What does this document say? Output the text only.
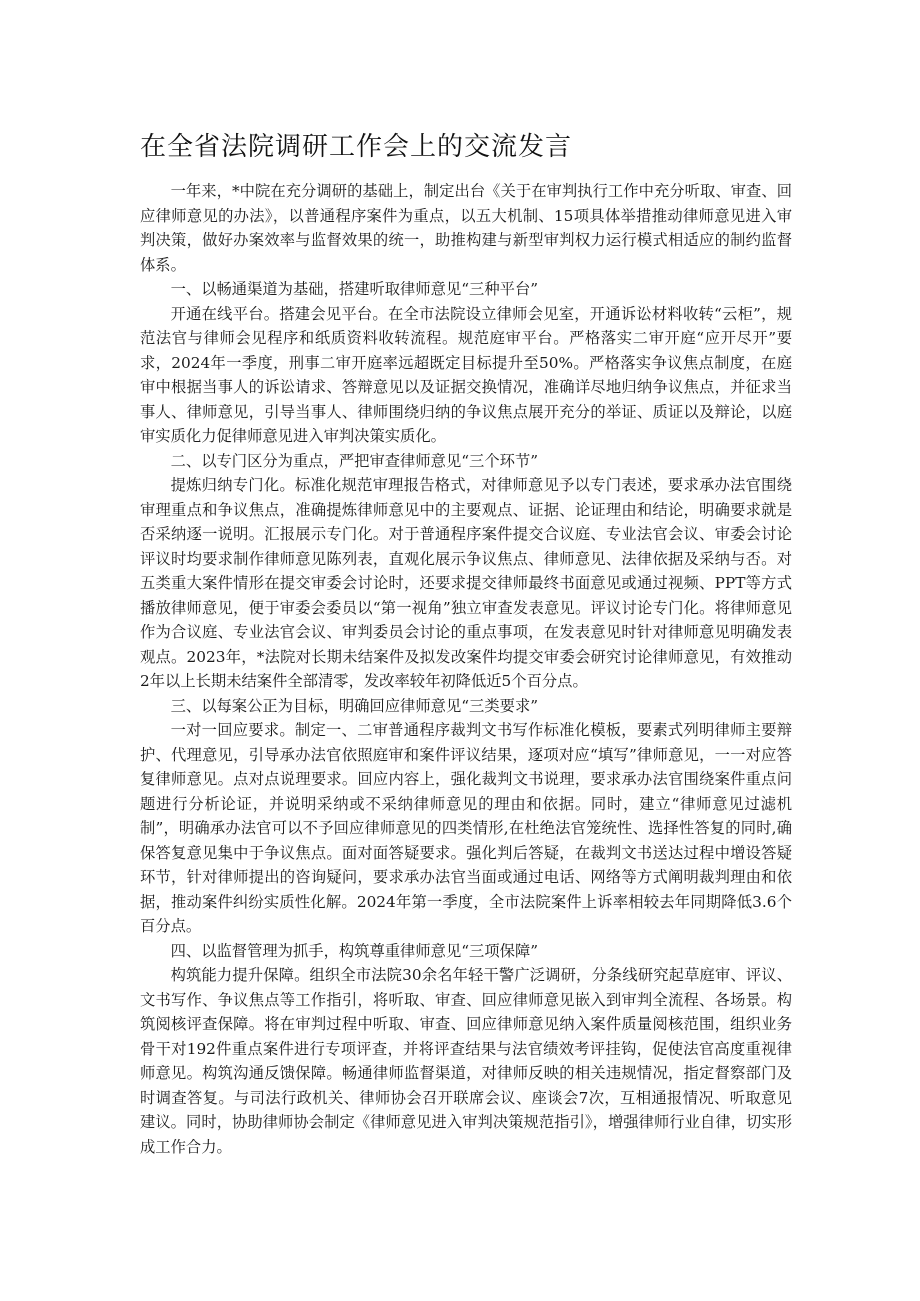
在全省法院调研工作会上的交流发言

一年来，*中院在充分调研的基础上，制定出台《关于在审判执行工作中充分听取、审查、回应律师意见的办法》，以普通程序案件为重点，以五大机制、15项具体举措推动律师意见进入审判决策，做好办案效率与监督效果的统一，助推构建与新型审判权力运行模式相适应的制约监督体系。

一、以畅通渠道为基础，搭建听取律师意见“三种平台”

开通在线平台。搭建会见平台。在全市法院设立律师会见室，开通诉讼材料收转“云柜”，规范法官与律师会见程序和纸质资料收转流程。规范庭审平台。严格落实二审开庭“应开尽开”要求，2024年一季度，刑事二审开庭率远超既定目标提升至50%。严格落实争议焦点制度，在庭审中根据当事人的诉讼请求、答辩意见以及证据交换情况，准确详尽地归纳争议焦点，并征求当事人、律师意见，引导当事人、律师围绕归纳的争议焦点展开充分的举证、质证以及辩论，以庭审实质化力促律师意见进入审判决策实质化。

二、以专门区分为重点，严把审查律师意见“三个环节”

提炼归纳专门化。标准化规范审理报告格式，对律师意见予以专门表述，要求承办法官围绕审理重点和争议焦点，准确提炼律师意见中的主要观点、证据、论证理由和结论，明确要求就是否采纳逐一说明。汇报展示专门化。对于普通程序案件提交合议庭、专业法官会议、审委会讨论评议时均要求制作律师意见陈列表，直观化展示争议焦点、律师意见、法律依据及采纳与否。对五类重大案件情形在提交审委会讨论时，还要求提交律师最终书面意见或通过视频、PPT等方式播放律师意见，便于审委会委员以“第一视角”独立审查发表意见。评议讨论专门化。将律师意见作为合议庭、专业法官会议、审判委员会讨论的重点事项，在发表意见时针对律师意见明确发表观点。2023年，*法院对长期未结案件及拟发改案件均提交审委会研究讨论律师意见，有效推动2年以上长期未结案件全部清零，发改率较年初降低近5个百分点。

三、以每案公正为目标，明确回应律师意见“三类要求”

一对一回应要求。制定一、二审普通程序裁判文书写作标准化模板，要素式列明律师主要辩护、代理意见，引导承办法官依照庭审和案件评议结果，逐项对应“填写”律师意见，一一对应答复律师意见。点对点说理要求。回应内容上，强化裁判文书说理，要求承办法官围绕案件重点问题进行分析论证，并说明采纳或不采纳律师意见的理由和依据。同时，建立“律师意见过滤机制”，明确承办法官可以不予回应律师意见的四类情形,在杜绝法官笼统性、选择性答复的同时,确保答复意见集中于争议焦点。面对面答疑要求。强化判后答疑，在裁判文书送达过程中增设答疑环节，针对律师提出的咨询疑问，要求承办法官当面或通过电话、网络等方式阐明裁判理由和依据，推动案件纠纷实质性化解。2024年第一季度，全市法院案件上诉率相较去年同期降低3.6个百分点。

四、以监督管理为抓手，构筑尊重律师意见“三项保障”

构筑能力提升保障。组织全市法院30余名年轻干警广泛调研，分条线研究起草庭审、评议、文书写作、争议焦点等工作指引，将听取、审查、回应律师意见嵌入到审判全流程、各场景。构筑阅核评查保障。将在审判过程中听取、审查、回应律师意见纳入案件质量阅核范围，组织业务骨干对192件重点案件进行专项评查，并将评查结果与法官绩效考评挂钩，促使法官高度重视律师意见。构筑沟通反馈保障。畅通律师监督渠道，对律师反映的相关违规情况，指定督察部门及时调查答复。与司法行政机关、律师协会召开联席会议、座谈会7次，互相通报情况、听取意见建议。同时，协助律师协会制定《律师意见进入审判决策规范指引》，增强律师行业自律，切实形成工作合力。
